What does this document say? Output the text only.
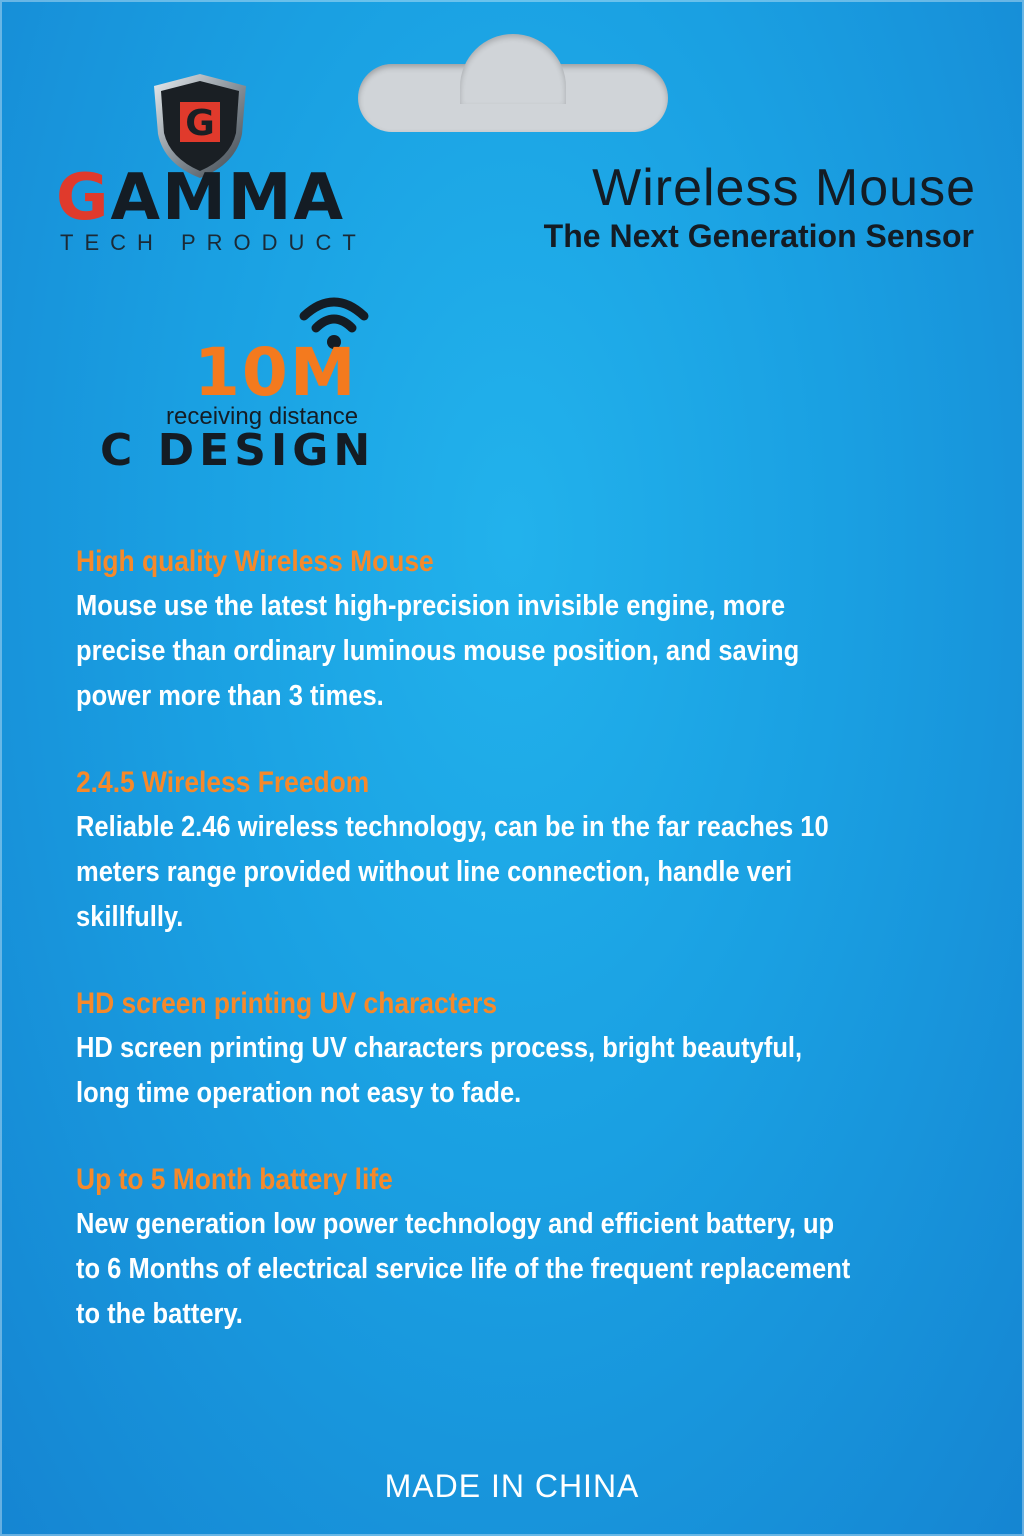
G
GAMMA
TECH PRODUCT
Wireless Mouse
The Next Generation Sensor
10M
receiving distance
C DESIGN
High quality Wireless Mouse
Mouse use the latest high-precision invisible engine, more precise than ordinary luminous mouse position, and saving power more than 3 times.
2.4.5 Wireless Freedom
Reliable 2.46 wireless technology, can be in the far reaches 10 meters range provided without line connection, handle veri skillfully.
HD screen printing UV characters
HD screen printing UV characters process, bright beautyful, long time operation not easy to fade.
Up to 5 Month battery life
New generation low power technology and efficient battery, up to 6 Months of electrical service life of the frequent replacement to the battery.
MADE IN CHINA
